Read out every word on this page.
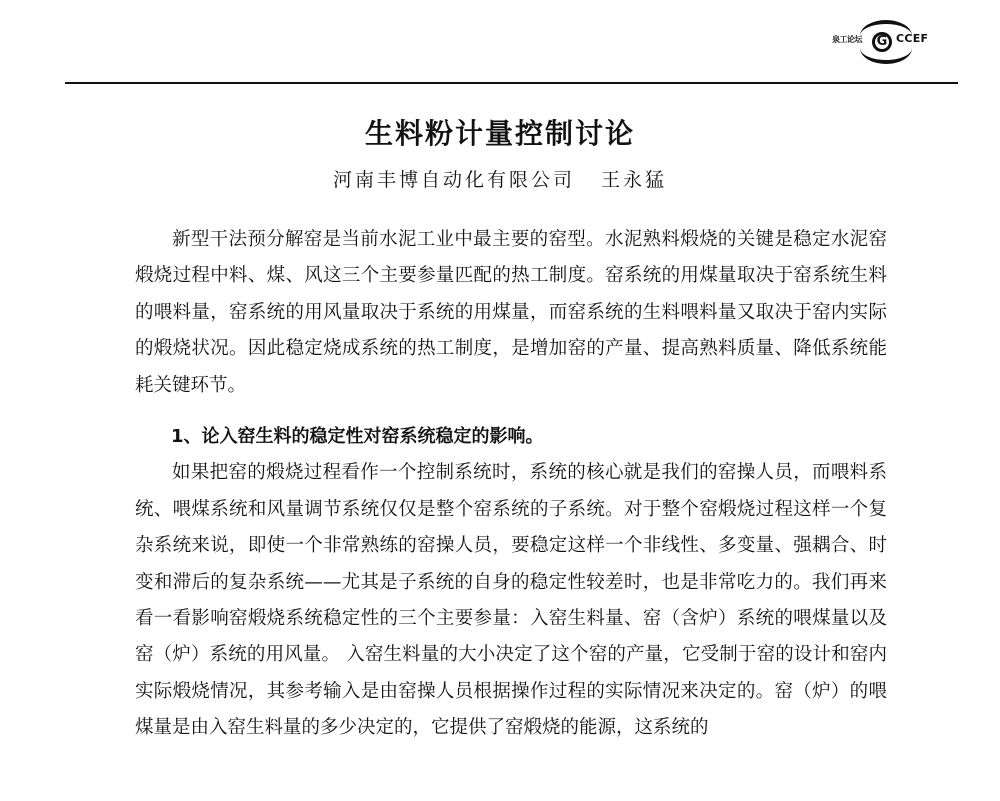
泉工论坛	G CCEF
生料粉计量控制讨论
河南丰博自动化有限公司 王永猛

新型干法预分解窑是当前水泥工业中最主要的窑型。水泥熟料煅烧的关键是稳定水泥窑煅烧过程中料、煤、风这三个主要参量匹配的热工制度。窑系统的用煤量取决于窑系统生料的喂料量，窑系统的用风量取决于系统的用煤量，而窑系统的生料喂料量又取决于窑内实际的煅烧状况。因此稳定烧成系统的热工制度，是增加窑的产量、提高熟料质量、降低系统能耗关键环节。

1、论入窑生料的稳定性对窑系统稳定的影响。

如果把窑的煅烧过程看作一个控制系统时，系统的核心就是我们的窑操人员，而喂料系统、喂煤系统和风量调节系统仅仅是整个窑系统的子系统。对于整个窑煅烧过程这样一个复杂系统来说，即使一个非常熟练的窑操人员，要稳定这样一个非线性、多变量、强耦合、时变和滞后的复杂系统——尤其是子系统的自身的稳定性较差时，也是非常吃力的。我们再来看一看影响窑煅烧系统稳定性的三个主要参量：入窑生料量、窑（含炉）系统的喂煤量以及窑（炉）系统的用风量。 入窑生料量的大小决定了这个窑的产量，它受制于窑的设计和窑内实际煅烧情况，其参考输入是由窑操人员根据操作过程的实际情况来决定的。窑（炉）的喂煤量是由入窑生料量的多少决定的，它提供了窑煅烧的能源，这系统的
